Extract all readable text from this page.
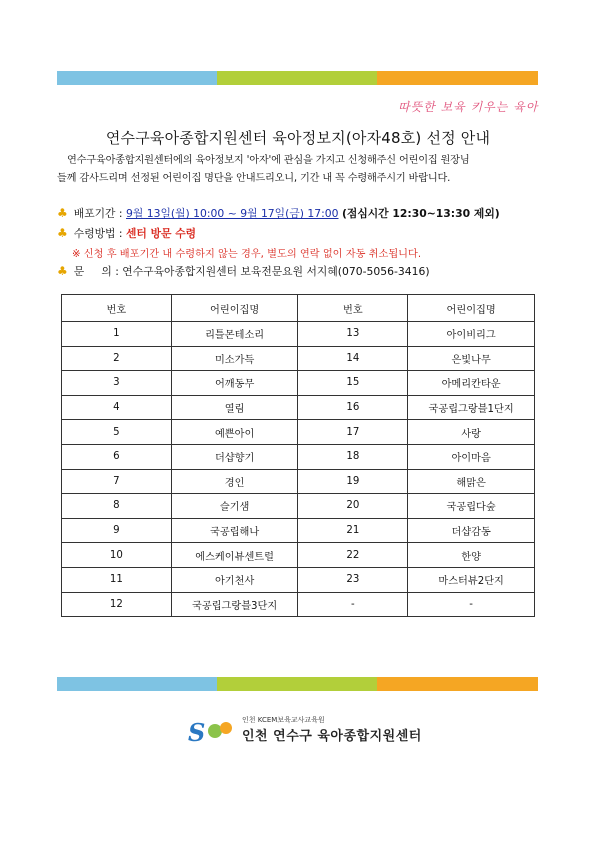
따뜻한 보육 키우는 육아
연수구육아종합지원센터 육아정보지(아자48호) 선정 안내
연수구육아종합지원센터에의 육아정보지 '아자'에 관심을 가지고 신청해주신 어린이집 원장님
들께 감사드리며 선정된 어린이집 명단을 안내드리오니, 기간 내 꼭 수령해주시기 바랍니다.
♣ 배포기간 : 9월 13일(월) 10:00 ~ 9월 17일(금) 17:00 (점심시간 12:30~13:30 제외)
♣ 수령방법 : 센터 방문 수령
※ 신청 후 배포기간 내 수령하지 않는 경우, 별도의 연락 없이 자동 취소됩니다.
♣ 문     의 : 연수구육아종합지원센터 보육전문요원 서지혜(070-5056-3416)
번호	어린이집명	번호	어린이집명
1	리틀몬테소리	13	아이비리그
2	미소가득	14	은빛나무
3	어깨동무	15	아메리칸타운
4	열림	16	국공립그랑블1단지
5	예쁜아이	17	사랑
6	더샵향기	18	아이마음
7	경인	19	해맑은
8	슬기샘	20	국공립다숲
9	국공립해나	21	더샵감동
10	에스케이뷰센트럴	22	한양
11	아기천사	23	마스터뷰2단지
12	국공립그랑블3단지	-	-
S	인천 KCEM보육교사교육원
인천 연수구 육아종합지원센터
